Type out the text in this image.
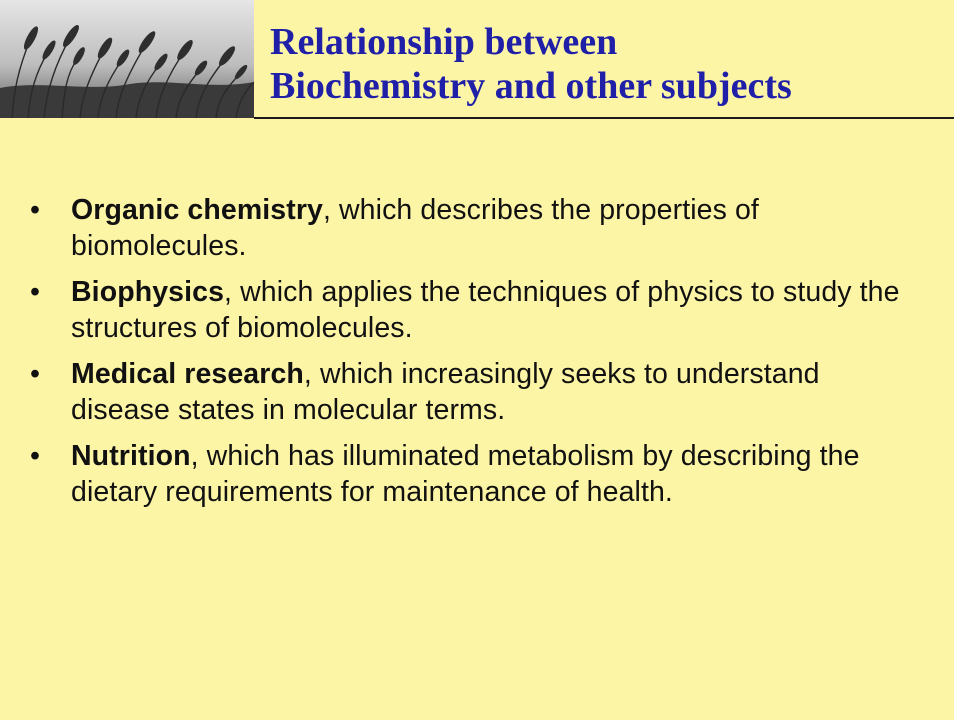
Relationship between
Biochemistry and other subjects
• Organic chemistry, which describes the properties of biomolecules.
• Biophysics, which applies the techniques of physics to study the structures of biomolecules.
• Medical research, which increasingly seeks to understand disease states in molecular terms.
• Nutrition, which has illuminated metabolism by describing the dietary requirements for maintenance of health.
